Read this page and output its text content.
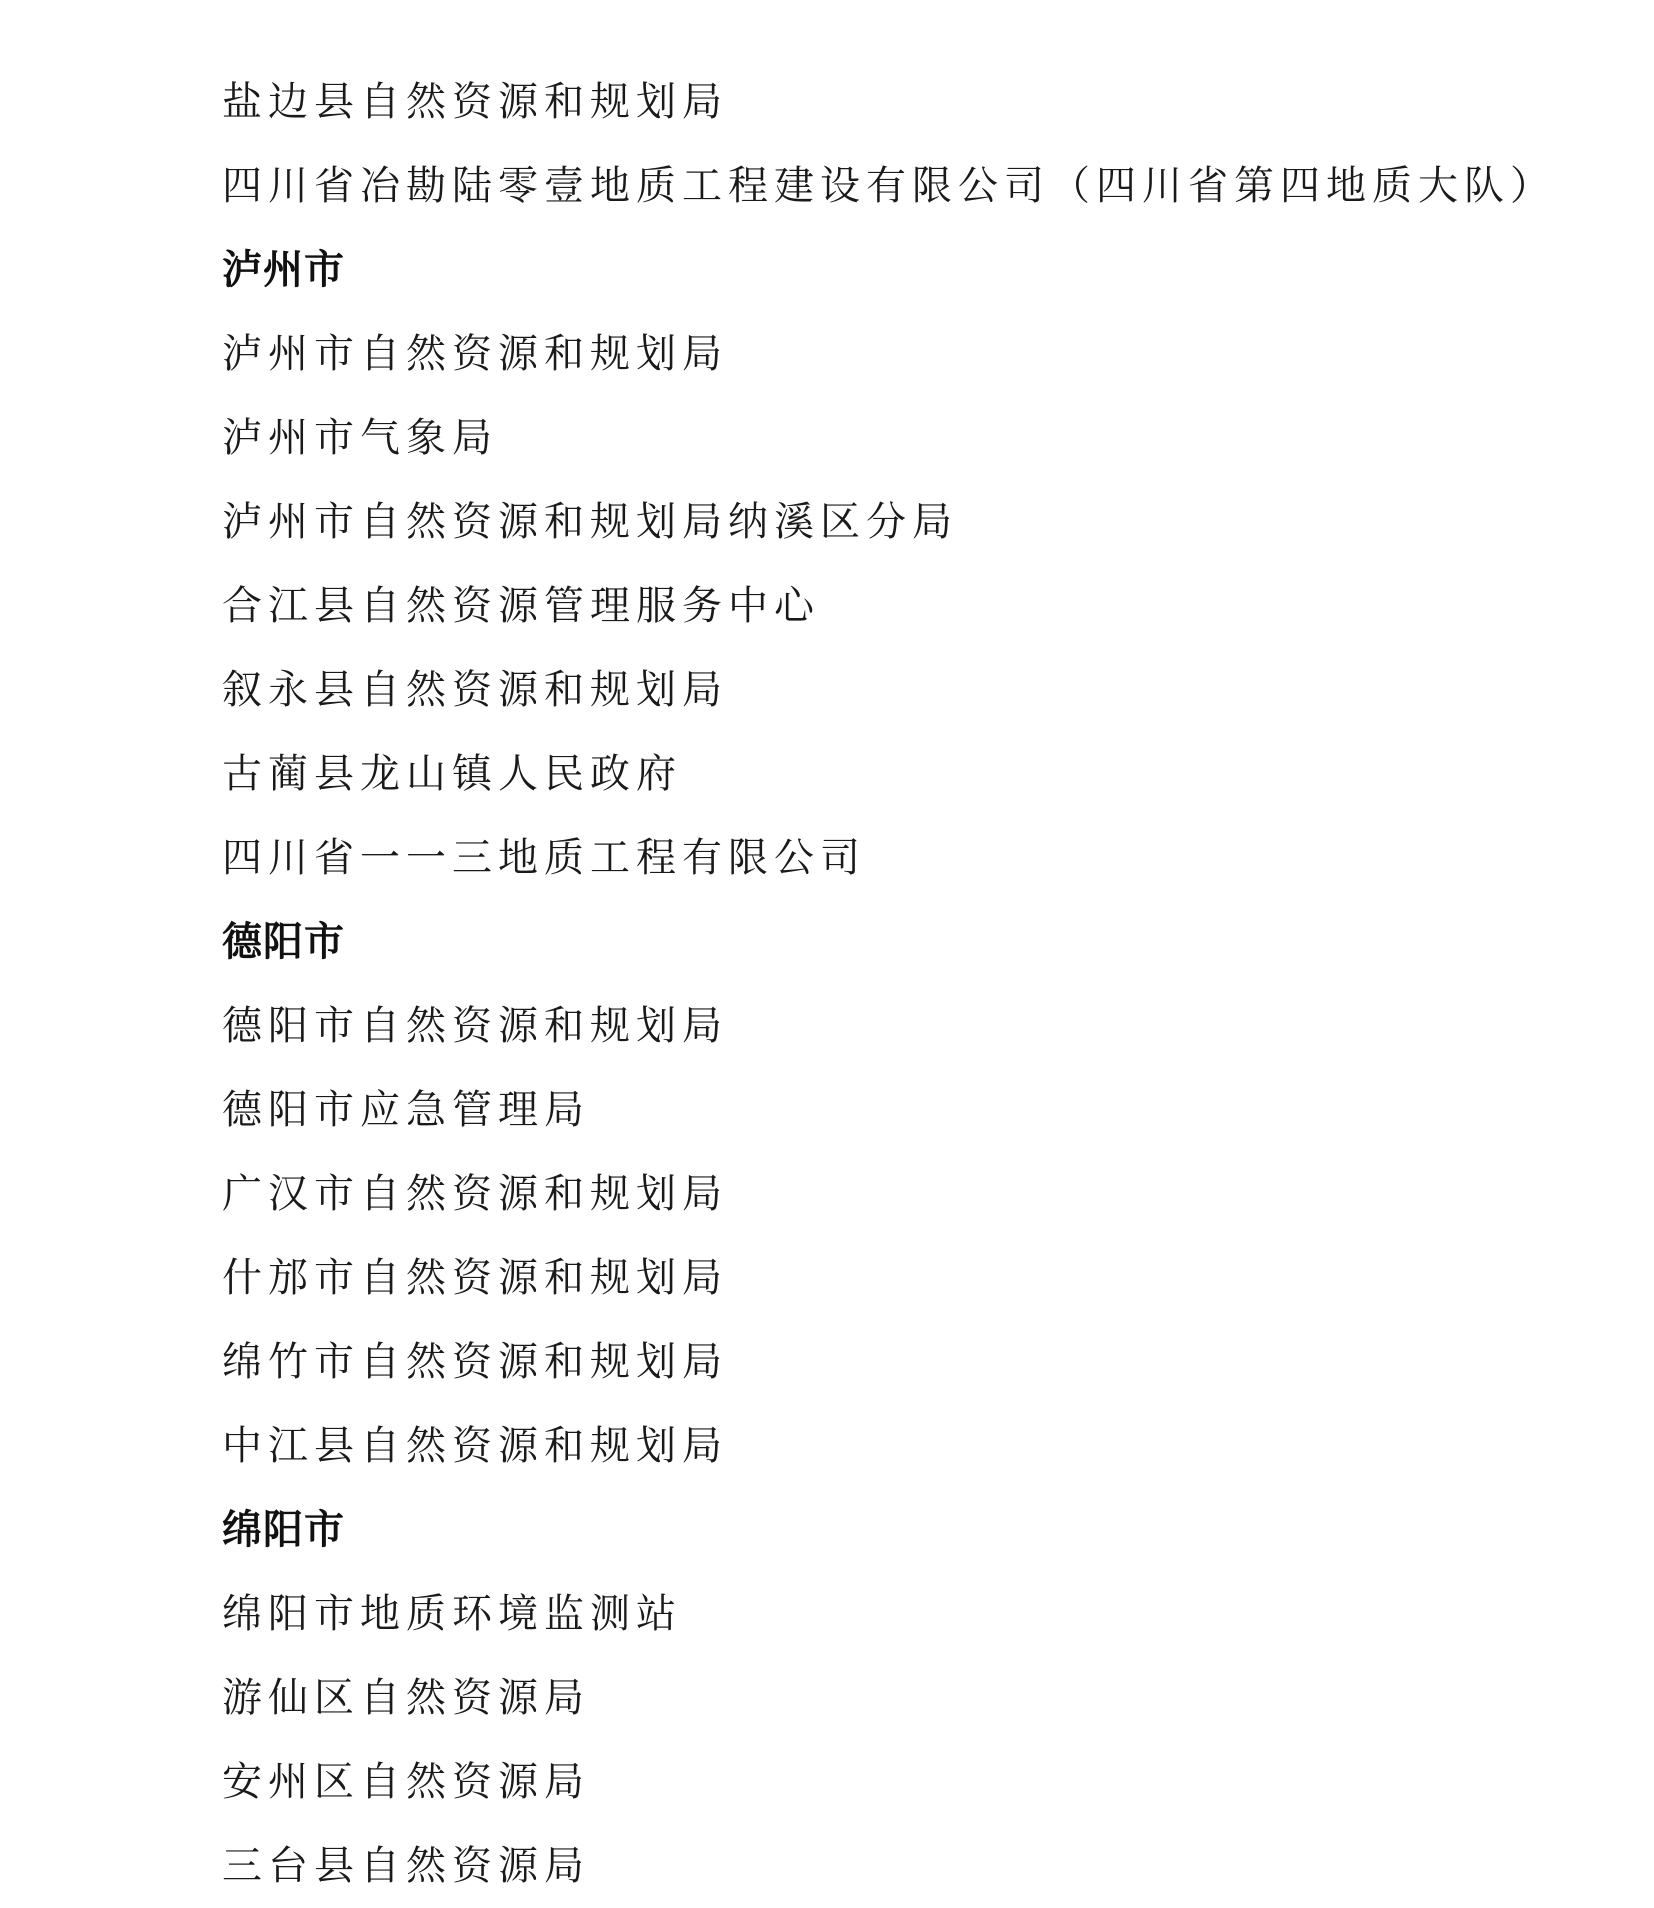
盐边县自然资源和规划局
四川省冶勘陆零壹地质工程建设有限公司（四川省第四地质大队）
泸州市
泸州市自然资源和规划局
泸州市气象局
泸州市自然资源和规划局纳溪区分局
合江县自然资源管理服务中心
叙永县自然资源和规划局
古蔺县龙山镇人民政府
四川省一一三地质工程有限公司
德阳市
德阳市自然资源和规划局
德阳市应急管理局
广汉市自然资源和规划局
什邡市自然资源和规划局
绵竹市自然资源和规划局
中江县自然资源和规划局
绵阳市
绵阳市地质环境监测站
游仙区自然资源局
安州区自然资源局
三台县自然资源局
